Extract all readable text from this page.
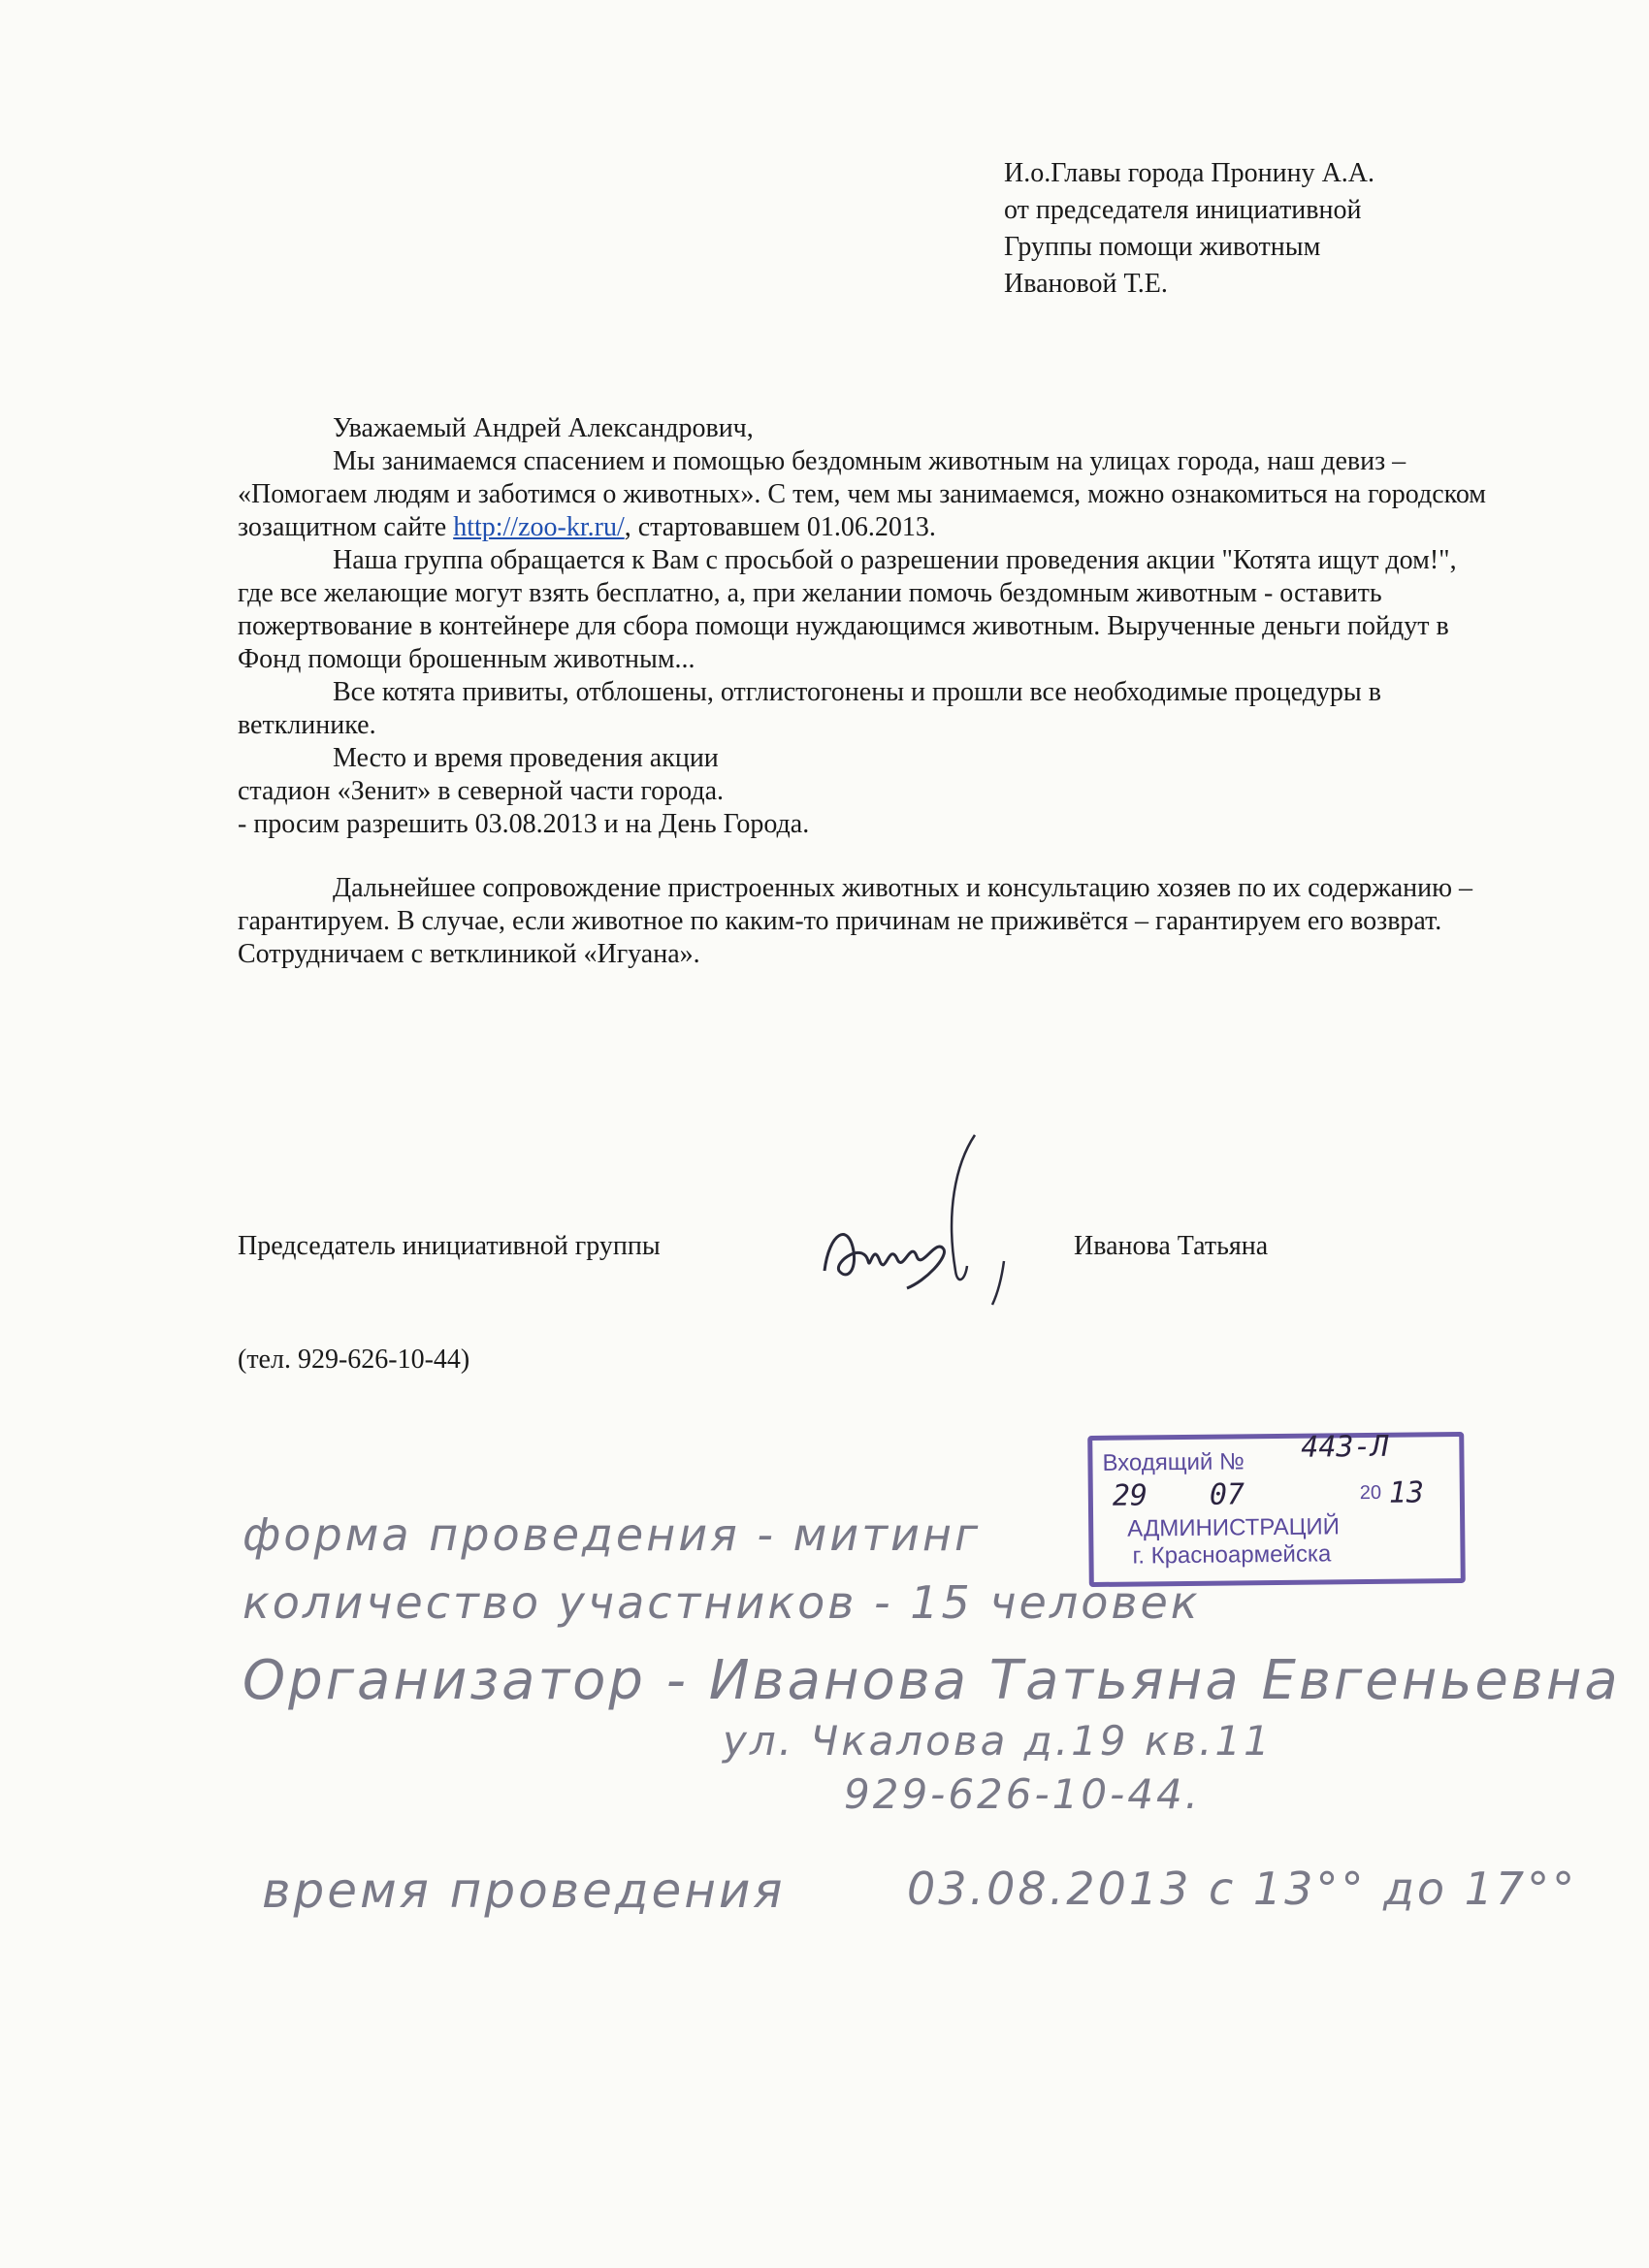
И.о.Главы города Пронину А.А.
от председателя инициативной
Группы помощи животным
Ивановой Т.Е.

Уважаемый Андрей Александрович,

Мы занимаемся спасением и помощью бездомным животным на улицах города, наш девиз – «Помогаем людям и заботимся о животных». С тем, чем мы занимаемся, можно ознакомиться на городском зозащитном сайте http://zoo-kr.ru/, стартовавшем 01.06.2013.

Наша группа обращается к Вам с просьбой о разрешении проведения акции "Котята ищут дом!", где все желающие могут взять бесплатно, а, при желании помочь бездомным животным - оставить пожертвование в контейнере для сбора помощи нуждающимся животным. Вырученные деньги пойдут в Фонд помощи брошенным животным...

Все котята привиты, отблошены, отглистогонены и прошли все необходимые процедуры в ветклинике.

Место и время проведения акции

стадион «Зенит» в северной части города.

- просим разрешить 03.08.2013 и на День Города.

Дальнейшее сопровождение пристроенных животных и консультацию хозяев по их содержанию – гарантируем. В случае, если животное по каким-то причинам не приживётся – гарантируем его возврат. Сотрудничаем с ветклиникой «Игуана».

Председатель инициативной группы	Иванова Татьяна
(тел. 929-626-10-44)
Входящий № 443-Л
29 07	20 13
АДМИНИСТРАЦИЙ
г. Красноармейска
форма проведения - митинг
количество участников - 15 человек
Организатор - Иванова Татьяна Евгеньевна
ул. Чкалова д.19 кв.11
929-626-10-44.
время проведения	03.08.2013 с 13°° до 17°°
